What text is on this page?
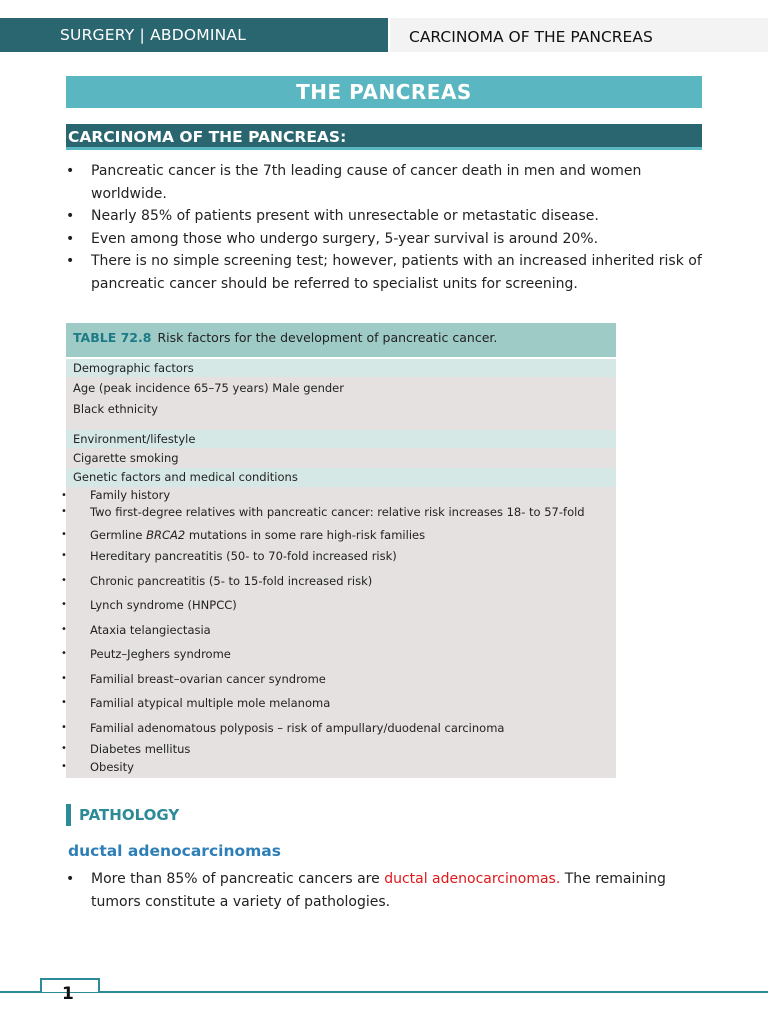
SURGERY | ABDOMINAL	CARCINOMA OF THE PANCREAS
THE PANCREAS
CARCINOMA OF THE PANCREAS:
• Pancreatic cancer is the 7th leading cause of cancer death in men and women worldwide.
• Nearly 85% of patients present with unresectable or metastatic disease.
• Even among those who undergo surgery, 5-year survival is around 20%.
• There is no simple screening test; however, patients with an increased inherited risk of pancreatic cancer should be referred to specialist units for screening.
TABLE 72.8 Risk factors for the development of pancreatic cancer.
Demographic factors
Age (peak incidence 65–75 years) Male gender
Black ethnicity
Environment/lifestyle
Cigarette smoking
Genetic factors and medical conditions
• Family history
• Two first-degree relatives with pancreatic cancer: relative risk increases 18- to 57-fold
• Germline BRCA2 mutations in some rare high-risk families
• Hereditary pancreatitis (50- to 70-fold increased risk)
• Chronic pancreatitis (5- to 15-fold increased risk)
• Lynch syndrome (HNPCC)
• Ataxia telangiectasia
• Peutz–Jeghers syndrome
• Familial breast–ovarian cancer syndrome
• Familial atypical multiple mole melanoma
• Familial adenomatous polyposis – risk of ampullary/duodenal carcinoma
• Diabetes mellitus
• Obesity
PATHOLOGY
ductal adenocarcinomas
• More than 85% of pancreatic cancers are ductal adenocarcinomas. The remaining tumors constitute a variety of pathologies.
1
